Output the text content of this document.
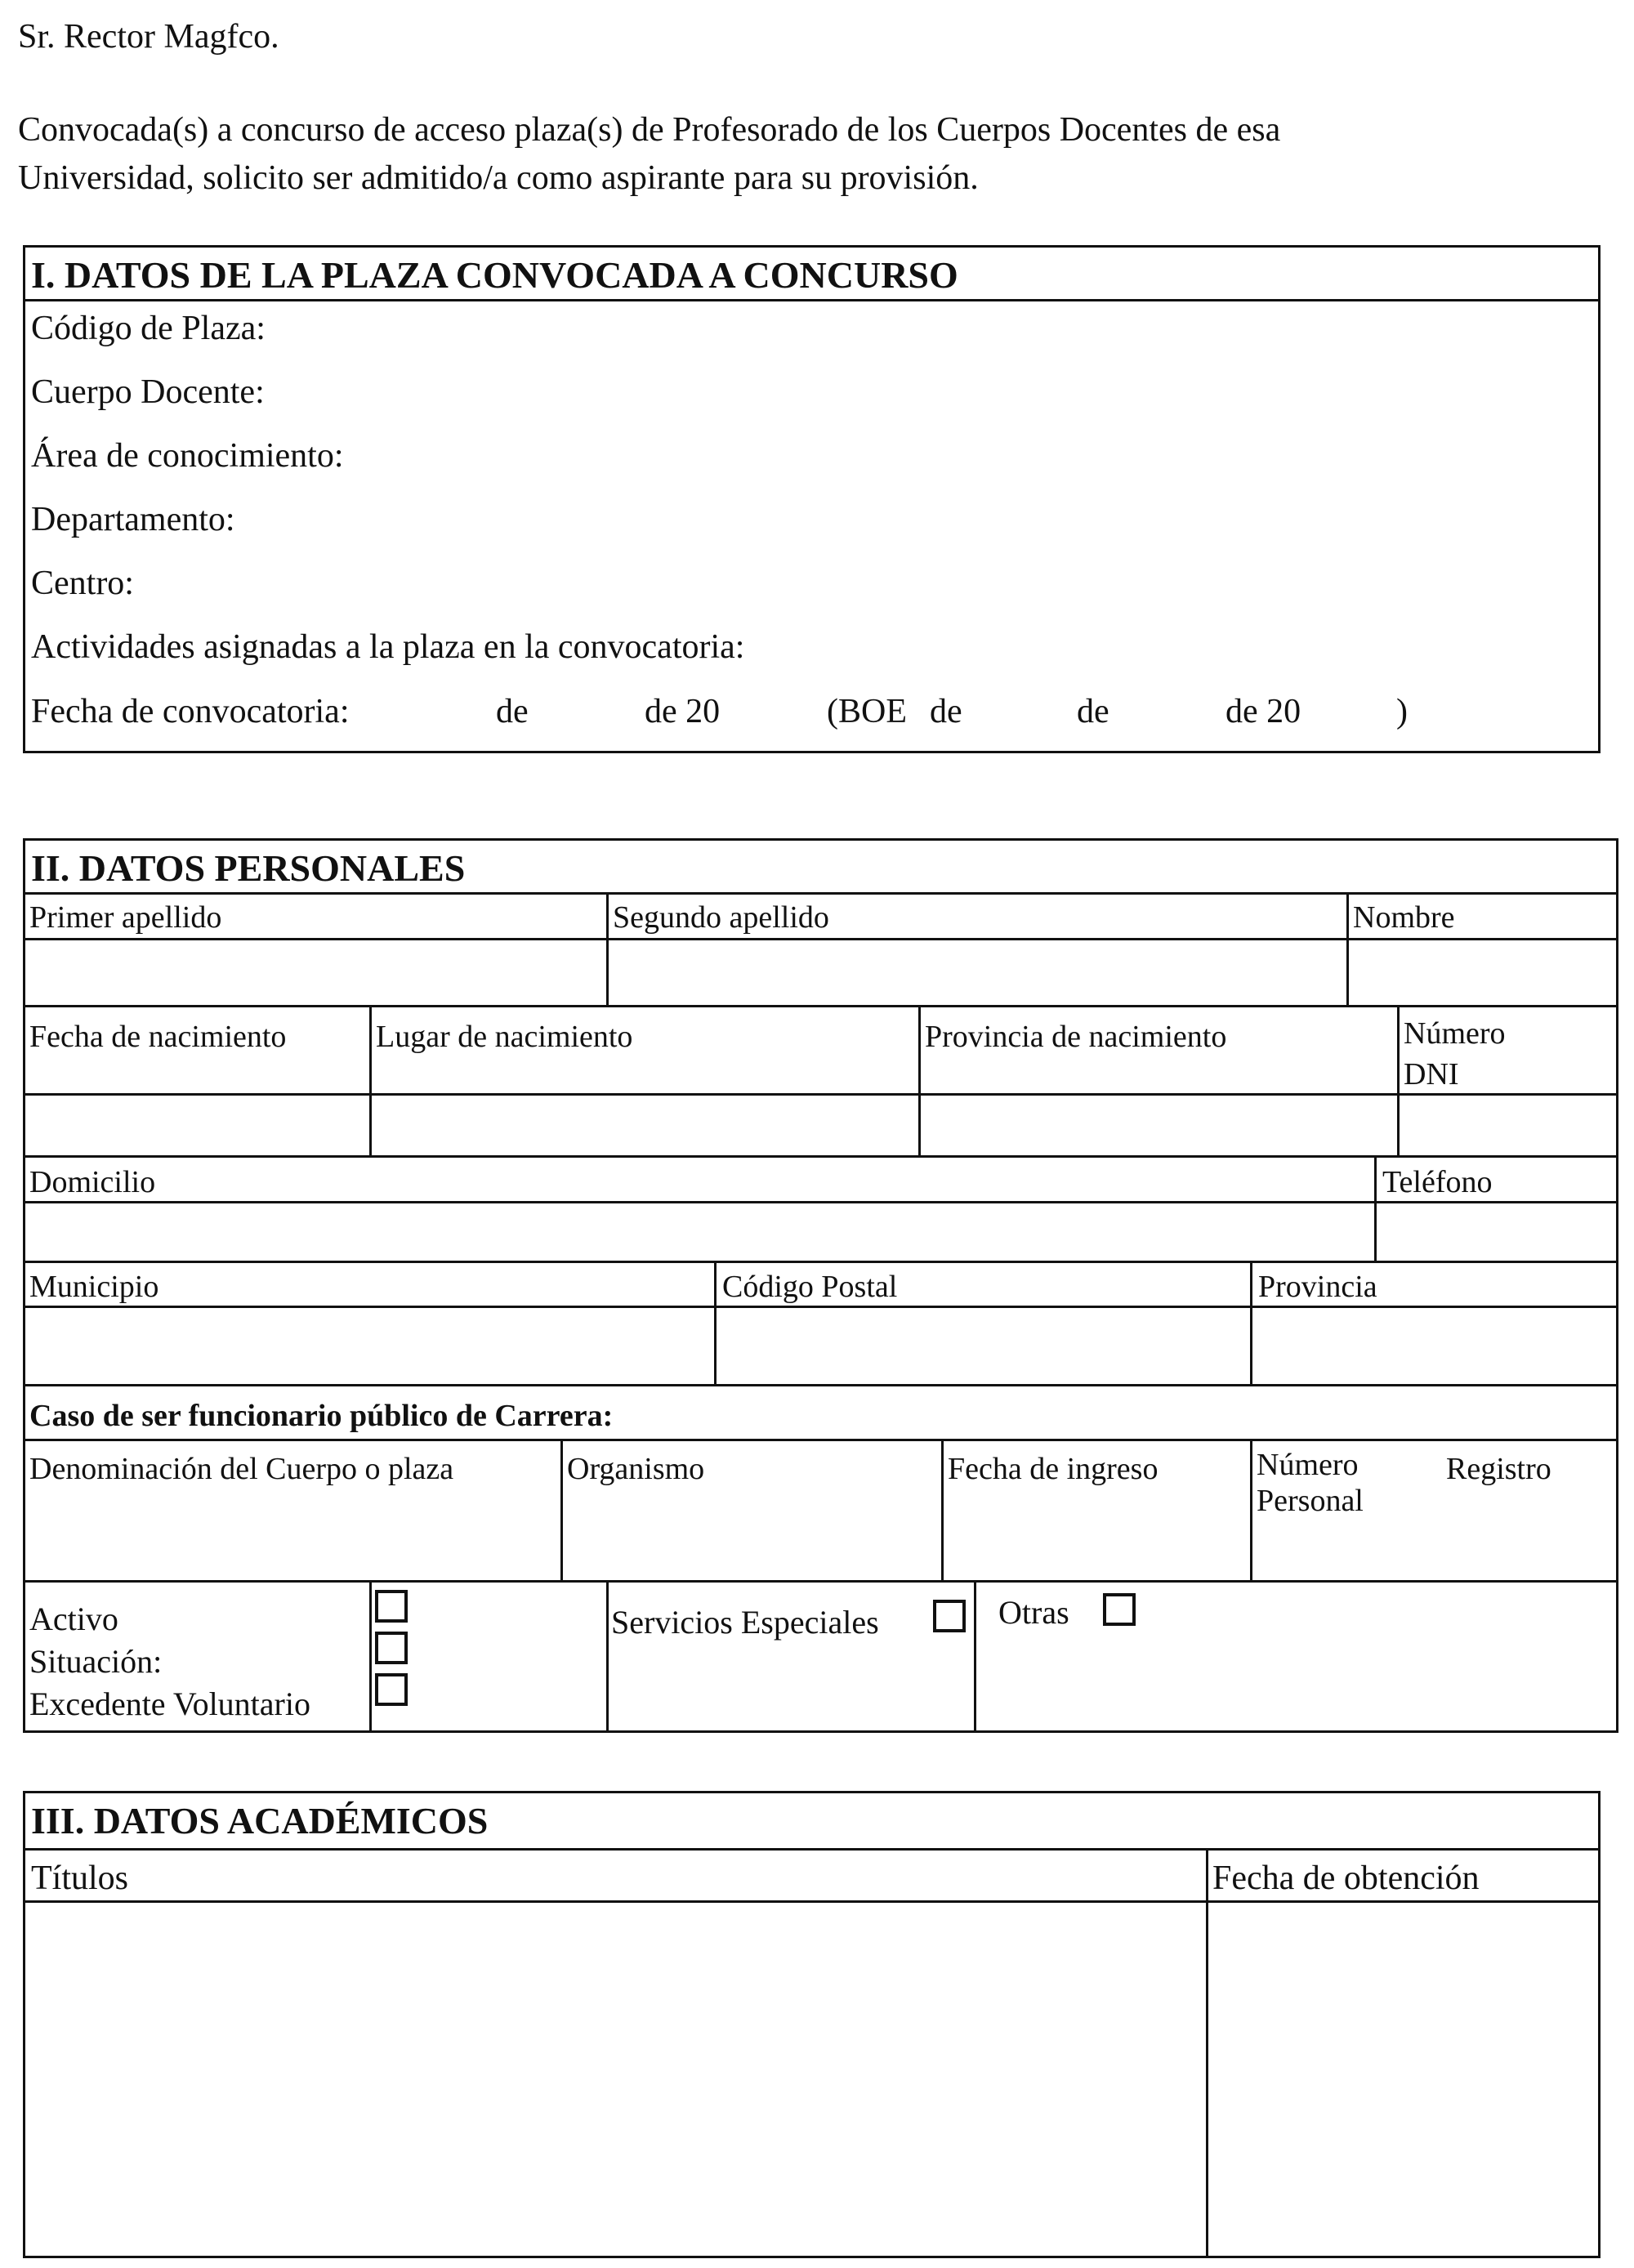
Sr. Rector Magfco.
Convocada(s) a concurso de acceso plaza(s) de Profesorado de los Cuerpos Docentes de esa
Universidad, solicito ser admitido/a como aspirante para su provisión.
I. DATOS DE LA PLAZA CONVOCADA A CONCURSO
Código de Plaza:
Cuerpo Docente:
Área de conocimiento:
Departamento:
Centro:
Actividades asignadas a la plaza en la convocatoria:
Fecha de convocatoria:	de	de 20	(BOE de	de	de 20	)
II. DATOS PERSONALES
Primer apellido	Segundo apellido	Nombre
Fecha de nacimiento	Lugar de nacimiento	Provincia de nacimiento	Número
DNI
Domicilio	Teléfono
Municipio	Código Postal	Provincia
Caso de ser funcionario público de Carrera:
Denominación del Cuerpo o plaza	Organismo	Fecha de ingreso	Número
Personal
Registro
Activo
Situación:
Excedente Voluntario
Servicios Especiales	Otras
III. DATOS ACADÉMICOS
Títulos	Fecha de obtención
